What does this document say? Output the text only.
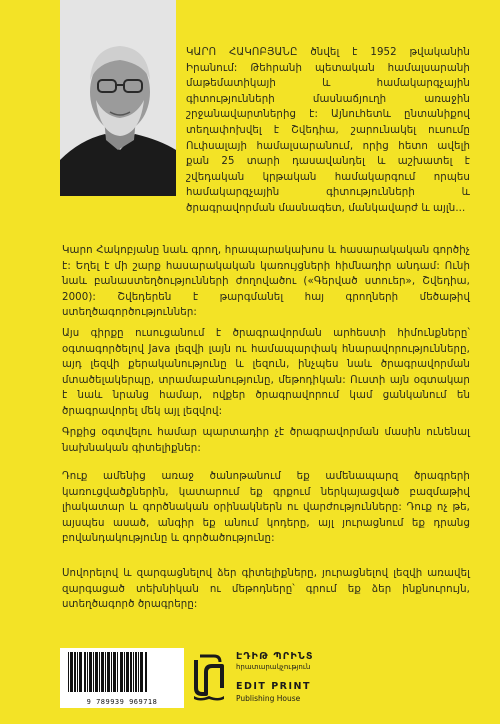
ԿԱՐՈ ՀԱԿՈԲՅԱՆԸ ծնվել է 1952 թվականին Իրանում: Թեհրանի պետական համալսարանի մաթեմատիկայի և համակարգչային գիտությունների մասնաճյուղի առաջին շրջանավարտներից է: Այնուհետև ընտանիքով տեղափոխվել է Շվեդիա, շարունակել ուսումը Ուփսալայի համալսարանում, որից հետո ավելի քան 25 տարի դասավանդել և աշխատել է շվեդական կրթական համակարգում որպես համակարգչային գիտությունների և ծրագրավորման մասնագետ, մանկավարժ և այլն...

Կարո Հակոբյանը նաև գրող, հրապարակախոս և հասարակական գործիչ է: Եղել է մի շարք հասարակական կառույցների հիմնադիր անդամ: Ունի նաև բանաստեղծությունների ժողովածու («Գերված ստուեր», Շվեդիա, 2000): Շվեդերեն է թարգմանել հայ գրողների մեծաթիվ ստեղծագործություններ:

Այս գիրքը ուսուցանում է ծրագրավորման արհեստի հիմունքները՝ օգտագործելով Java լեզվի լայն ու համապարփակ հնարավորությունները, այդ լեզվի քերականությունը և լեզուն, ինչպես նաև ծրագրավորման մտածելակերպը, տրամաբանությունը, մեթոդիկան: Ուստի այն օգտակար է նաև նրանց համար, ովքեր ծրագրավորում կամ ցանկանում են ծրագրավորել մեկ այլ լեզվով:

Գրքից օգտվելու համար պարտադիր չէ ծրագրավորման մասին ունենալ նախնական գիտելիքներ:

Դուք ամենից առաջ ծանոթանում եք ամենապարզ ծրագրերի կառուցվածքներին, կատարում եք գրքում ներկայացված բազմաթիվ լիակատար և գործնական օրինակներն ու վարժությունները: Դուք ոչ թե, այսպես ասած, անգիր եք անում կոդերը, այլ յուրացնում եք դրանց բովանդակությունը և գործածությունը:

Սովորելով և զարգացնելով ձեր գիտելիքները, յուրացնելով լեզվի առավել զարգացած տեխնիկան ու մեթոդները՝ գրում եք ձեր ինքնուրույն, ստեղծագործ ծրագրերը:

9 789939 969718
ԷԴԻԹ ՊՐԻՆՏ
հրատարակչություն
EDIT PRINT
Publishing House
